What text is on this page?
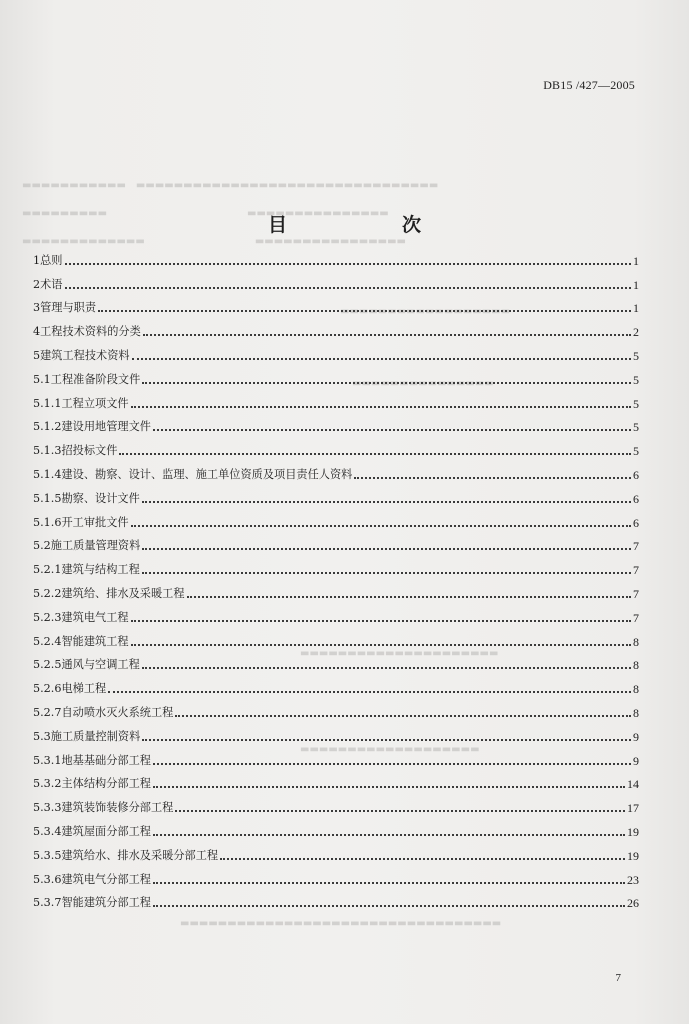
▬▬▬▬▬▬▬▬▬▬▬　▬▬▬▬▬▬▬▬▬▬▬▬▬▬▬▬▬▬▬▬▬▬▬▬▬▬▬▬▬▬▬▬
▬▬▬▬▬▬▬▬▬　　　　　　　　　　　　　　▬▬▬▬▬▬▬▬▬▬▬▬▬▬▬
▬▬▬▬▬▬▬▬▬▬▬▬▬　　　　　　　　　　　▬▬▬▬▬▬▬▬▬▬▬▬▬▬▬▬
▬▬▬▬▬▬▬▬▬▬▬▬▬▬▬▬▬▬
▬▬▬▬▬▬▬▬▬▬▬▬▬▬▬
▬▬▬▬▬▬▬▬▬▬▬▬▬▬▬▬▬▬▬▬▬
▬▬▬▬▬▬▬▬▬▬▬▬▬▬▬▬▬▬▬
▬▬▬▬▬▬▬▬▬▬▬▬▬▬▬▬▬▬▬▬▬▬▬▬▬▬▬▬▬▬▬▬▬▬
DB15 /427—2005
目　次
1总则	1
2术语	1
3管理与职责	1
4工程技术资料的分类	2
5建筑工程技术资料	5
5.1工程准备阶段文件	5
5.1.1工程立项文件	5
5.1.2建设用地管理文件	5
5.1.3招投标文件	5
5.1.4建设、勘察、设计、监理、施工单位资质及项目责任人资料	6
5.1.5勘察、设计文件	6
5.1.6开工审批文件	6
5.2施工质量管理资料	7
5.2.1建筑与结构工程	7
5.2.2建筑给、排水及采暖工程	7
5.2.3建筑电气工程	7
5.2.4智能建筑工程	8
5.2.5通风与空调工程	8
5.2.6电梯工程	8
5.2.7自动喷水灭火系统工程	8
5.3施工质量控制资料	9
5.3.1地基基础分部工程	9
5.3.2主体结构分部工程	14
5.3.3建筑装饰装修分部工程	17
5.3.4建筑屋面分部工程	19
5.3.5建筑给水、排水及采暖分部工程	19
5.3.6建筑电气分部工程	23
5.3.7智能建筑分部工程	26
7
